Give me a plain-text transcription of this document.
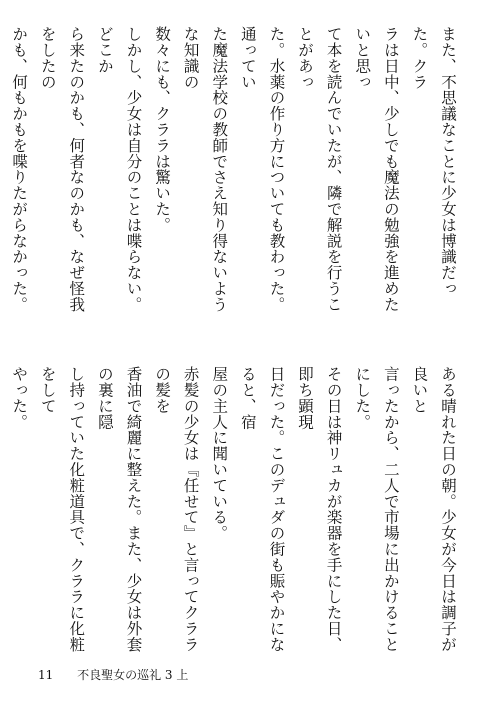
また、不思議なことに少女は博識だった。クラ

ラは日中、少しでも魔法の勉強を進めたいと思っ

て本を読んでいたが、隣で解説を行うことがあっ

た。水薬の作り方についても教わった。通ってい

た魔法学校の教師でさえ知り得ないような知識の

数々にも、クララは驚いた。

しかし、少女は自分のことは喋らない。どこか

ら来たのかも、何者なのかも、なぜ怪我をしたの

かも、何もかもを喋りたがらなかった。

ある晴れた日の朝。少女が今日は調子が良いと

言ったから、二人で市場に出かけることにした。

その日は神リュカが楽器を手にした日、即ち顕現

日だった。このデュダの街も賑やかになると、宿

屋の主人に聞いている。

赤髪の少女は『任せて』と言ってクララの髪を

香油で綺麗に整えた。また、少女は外套の裏に隠

し持っていた化粧道具で、クララに化粧をして

やった。

11 不良聖女の巡礼 3 上
